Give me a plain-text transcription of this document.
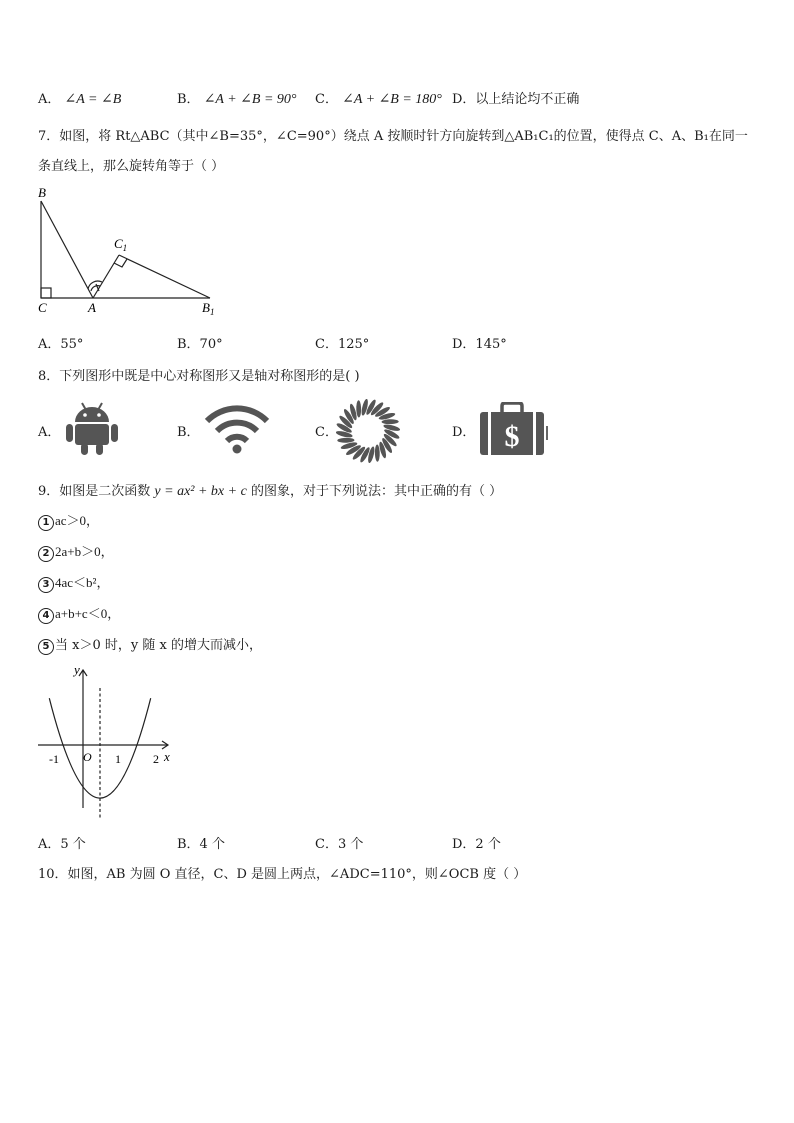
A． ∠A = ∠B	B． ∠A + ∠B = 90° C． ∠A + ∠B = 180° D．以上结论均不正确
7．如图，将 Rt△ABC（其中∠B=35°，∠C=90°）绕点 A 按顺时针方向旋转到△AB₁C₁的位置，使得点 C、A、B₁在同一
条直线上，那么旋转角等于（ ）
B
$C_1$
C	A	$B_1$
A．55°	B．70°	C．125°	D．145°
8．下列图形中既是中心对称图形又是轴对称图形的是( )
A．	B．	C．	D． $
9．如图是二次函数 y = ax² + bx + c 的图象，对于下列说法：其中正确的有（ ）
1 ac＞0，
2 2a+b＞0，
3 4ac＜b²，
4 a+b+c＜0，
5 当 x＞0 时，y 随 x 的增大而减小，
y
x
O
-1	1	2
A．5 个	B．4 个	C．3 个	D．2 个
10．如图，AB 为圆 O 直径，C、D 是圆上两点，∠ADC=110°，则∠OCB 度（ ）
